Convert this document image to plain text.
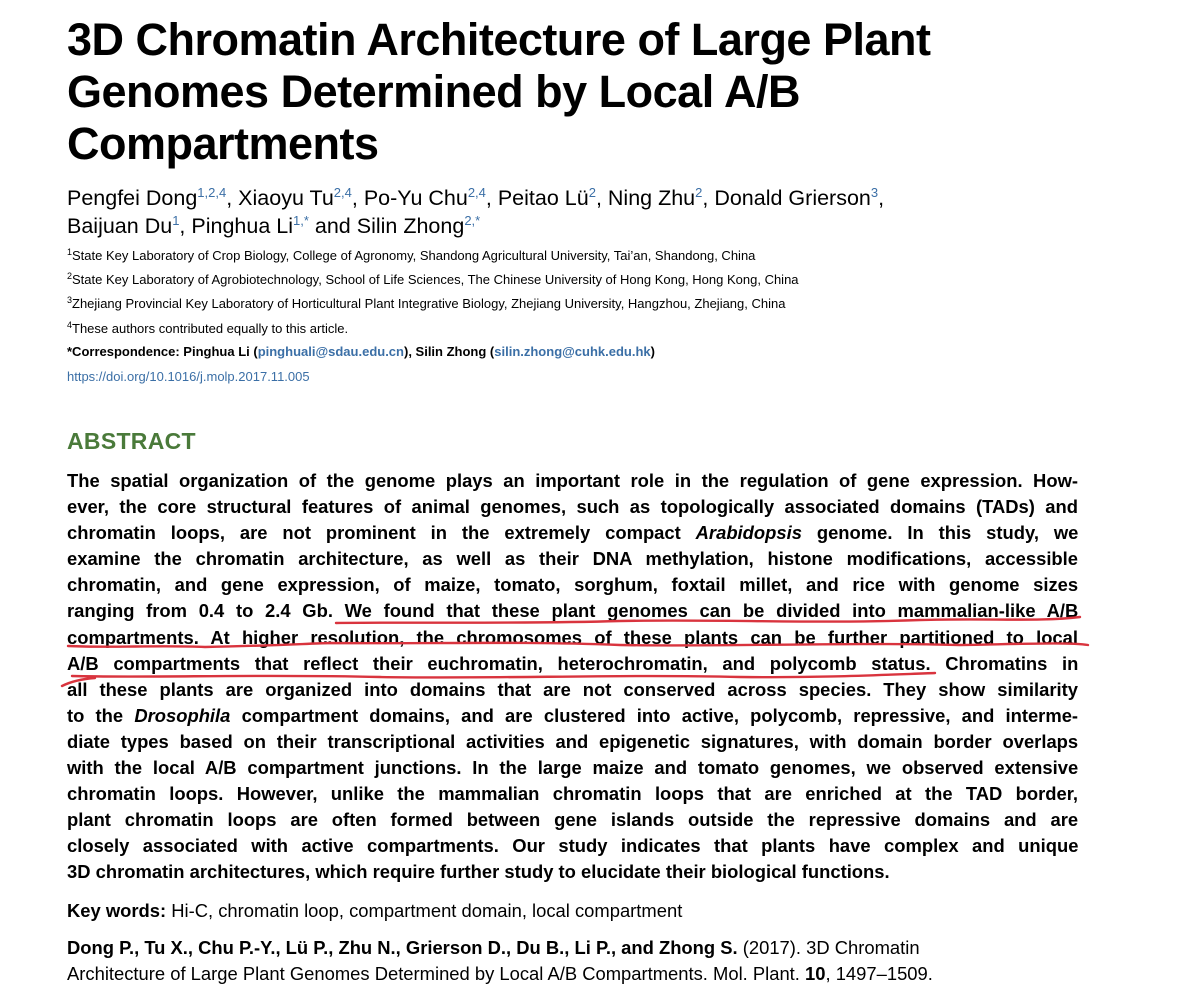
3D Chromatin Architecture of Large Plant
Genomes Determined by Local A/B
Compartments
Pengfei Dong$^{1,2,4}$, Xiaoyu Tu$^{2,4}$, Po-Yu Chu$^{2,4}$, Peitao $Lü^2$, Ning Zhu$^2$, Donald Grierson$^3$,
Baijuan Du$^1$, Pinghua $Li^{1,*}$ and Silin Zhong$^{2,*}$
$^1$State Key Laboratory of Crop Biology, College of Agronomy, Shandong Agricultural University, Tai’an, Shandong, China
$^2$State Key Laboratory of Agrobiotechnology, School of Life Sciences, The Chinese University of Hong Kong, Hong Kong, China
$^3$Zhejiang Provincial Key Laboratory of Horticultural Plant Integrative Biology, Zhejiang University, Hangzhou, Zhejiang, China
$^4$These authors contributed equally to this article.
*Correspondence: Pinghua Li (pinghuali@sdau.edu.cn), Silin Zhong (silin.zhong@cuhk.edu.hk)
https://doi.org/10.1016/j.molp.2017.11.005
ABSTRACT
The spatial organization of the genome plays an important role in the regulation of gene expression. How-
ever, the core structural features of animal genomes, such as topologically associated domains (TADs) and
chromatin loops, are not prominent in the extremely compact Arabidopsis genome. In this study, we
examine the chromatin architecture, as well as their DNA methylation, histone modifications, accessible
chromatin, and gene expression, of maize, tomato, sorghum, foxtail millet, and rice with genome sizes
ranging from 0.4 to 2.4 Gb. We found that these plant genomes can be divided into mammalian-like A/B
compartments. At higher resolution, the chromosomes of these plants can be further partitioned to local
A/B compartments that reflect their euchromatin, heterochromatin, and polycomb status. Chromatins in
all these plants are organized into domains that are not conserved across species. They show similarity
to the Drosophila compartment domains, and are clustered into active, polycomb, repressive, and interme-
diate types based on their transcriptional activities and epigenetic signatures, with domain border overlaps
with the local A/B compartment junctions. In the large maize and tomato genomes, we observed extensive
chromatin loops. However, unlike the mammalian chromatin loops that are enriched at the TAD border,
plant chromatin loops are often formed between gene islands outside the repressive domains and are
closely associated with active compartments. Our study indicates that plants have complex and unique
3D chromatin architectures, which require further study to elucidate their biological functions.
Key words: Hi-C, chromatin loop, compartment domain, local compartment
Dong P., Tu X., Chu P.-Y., Lü P., Zhu N., Grierson D., Du B., Li P., and Zhong S. (2017). 3D Chromatin
Architecture of Large Plant Genomes Determined by Local A/B Compartments. Mol. Plant. 10, 1497–1509.
